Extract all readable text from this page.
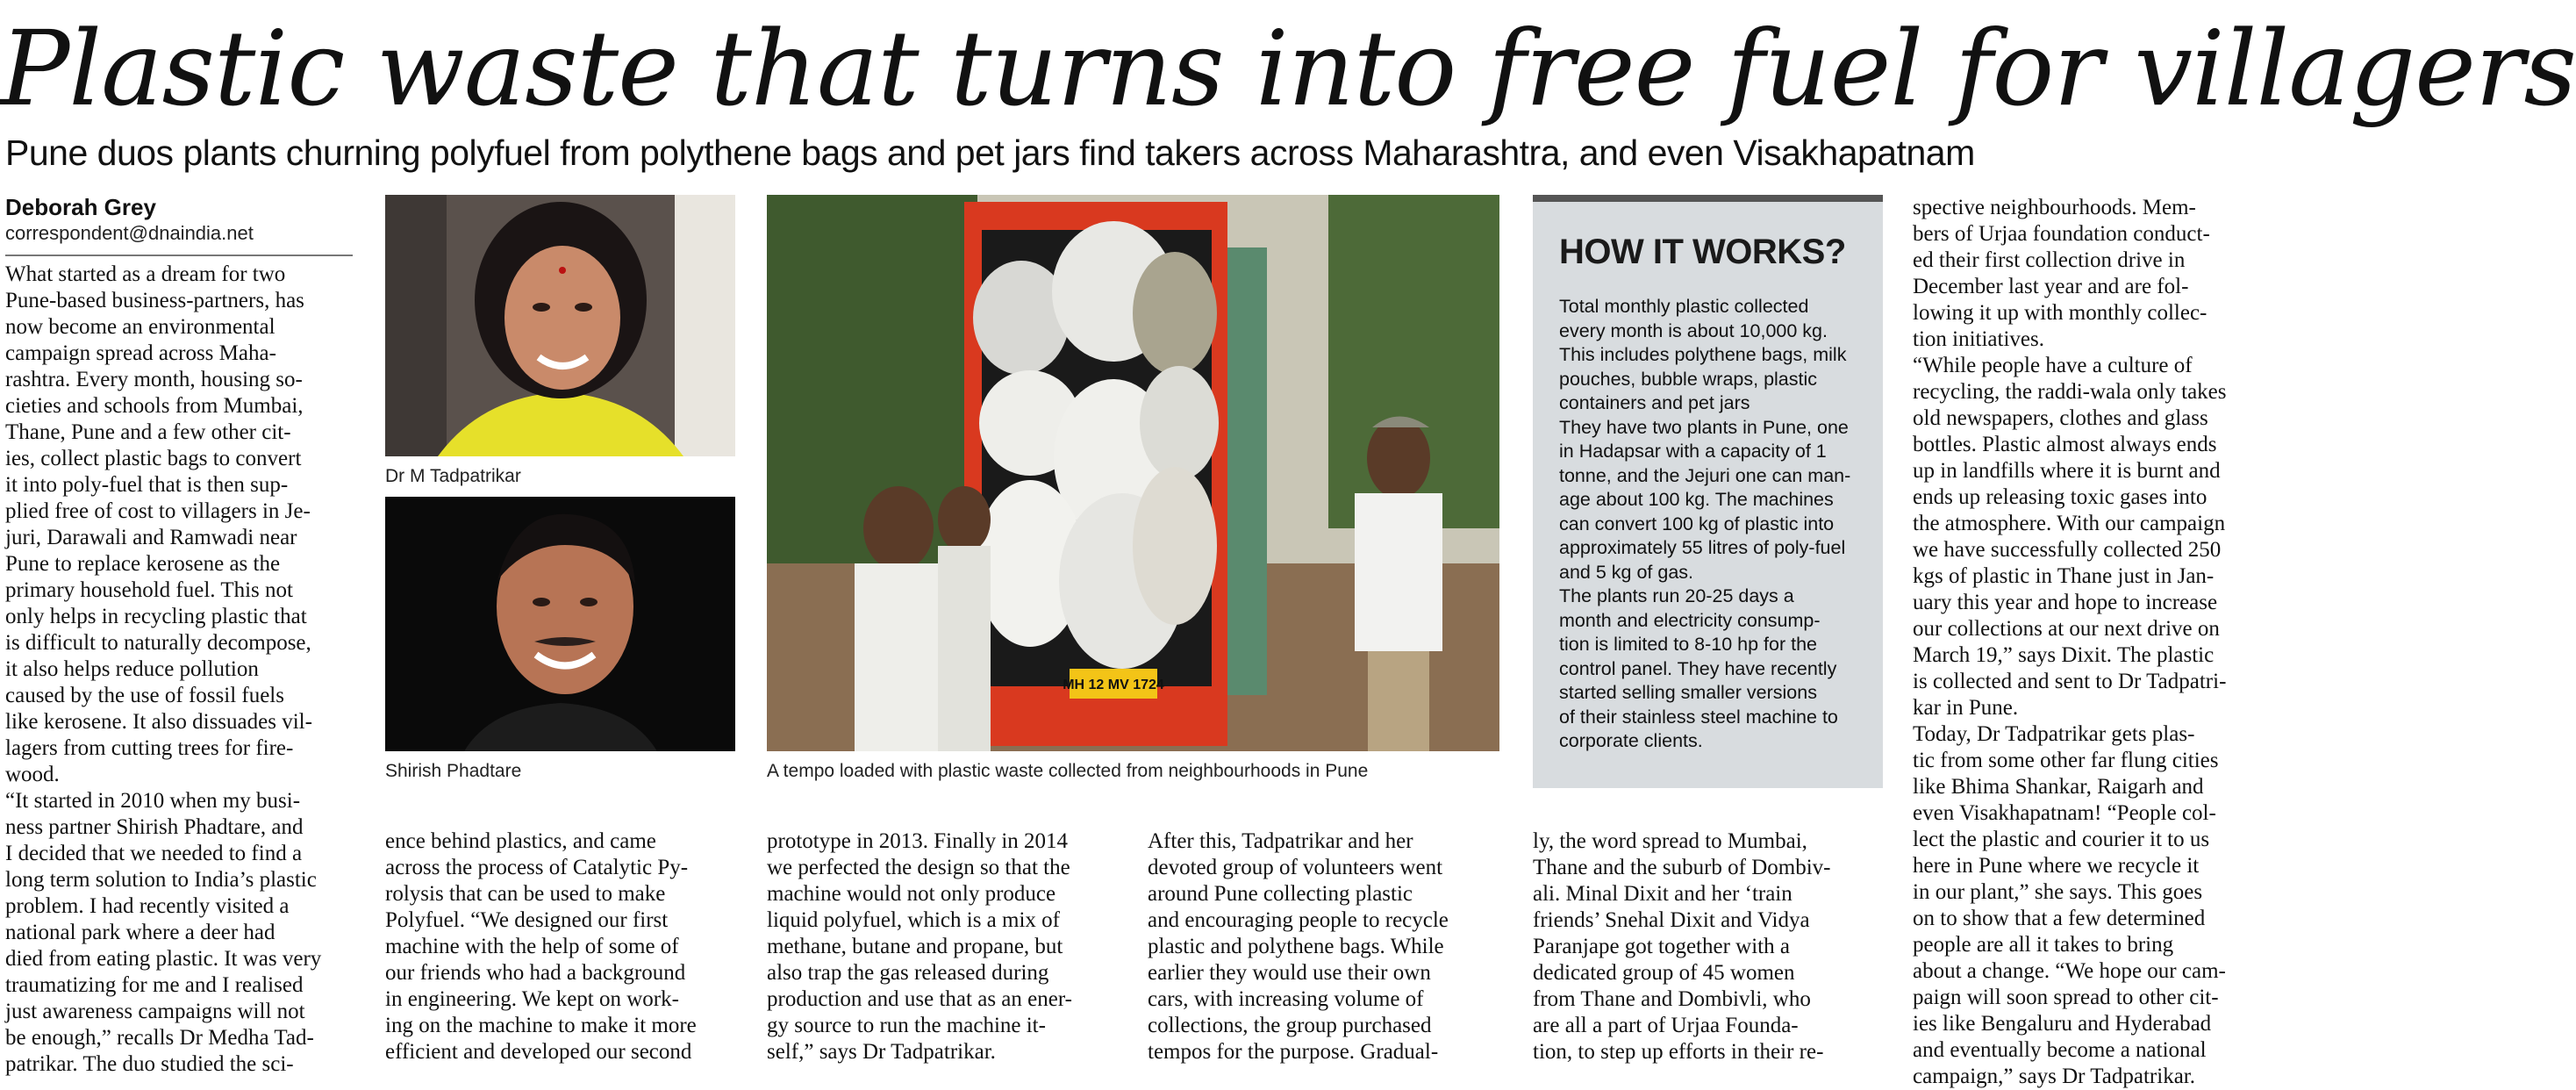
Plastic waste that turns into free fuel for villagers
Pune duos plants churning polyfuel from polythene bags and pet jars find takers across Maharashtra, and even Visakhapatnam
Deborah Grey
correspondent@dnaindia.net
What started as a dream for two
Pune-based business-partners, has
now become an environmental
campaign spread across Maha-
rashtra. Every month, housing so-
cieties and schools from Mumbai,
Thane, Pune and a few other cit-
ies, collect plastic bags to convert
it into poly-fuel that is then sup-
plied free of cost to villagers in Je-
juri, Darawali and Ramwadi near
Pune to replace kerosene as the
primary household fuel. This not
only helps in recycling plastic that
is difficult to naturally decompose,
it also helps reduce pollution
caused by the use of fossil fuels
like kerosene. It also dissuades vil-
lagers from cutting trees for fire-
wood.
“It started in 2010 when my busi-
ness partner Shirish Phadtare, and
I decided that we needed to find a
long term solution to India’s plastic
problem. I had recently visited a
national park where a deer had
died from eating plastic. It was very
traumatizing for me and I realised
just awareness campaigns will not
be enough,” recalls Dr Medha Tad-
patrikar. The duo studied the sci-
Dr M Tadpatrikar
Shirish Phadtare
MH 12 MV 1724
A tempo loaded with plastic waste collected from neighbourhoods in Pune
ence behind plastics, and came
across the process of Catalytic Py-
rolysis that can be used to make
Polyfuel. “We designed our first
machine with the help of some of
our friends who had a background
in engineering. We kept on work-
ing on the machine to make it more
efficient and developed our second
prototype in 2013. Finally in 2014
we perfected the design so that the
machine would not only produce
liquid polyfuel, which is a mix of
methane, butane and propane, but
also trap the gas released during
production and use that as an ener-
gy source to run the machine it-
self,” says Dr Tadpatrikar.
After this, Tadpatrikar and her
devoted group of volunteers went
around Pune collecting plastic
and encouraging people to recycle
plastic and polythene bags. While
earlier they would use their own
cars, with increasing volume of
collections, the group purchased
tempos for the purpose. Gradual-
ly, the word spread to Mumbai,
Thane and the suburb of Dombiv-
ali. Minal Dixit and her ‘train
friends’ Snehal Dixit and Vidya
Paranjape got together with a
dedicated group of 45 women
from Thane and Dombivli, who
are all a part of Urjaa Founda-
tion, to step up efforts in their re-
HOW IT WORKS?
Total monthly plastic collected
every month is about 10,000 kg.
This includes polythene bags, milk
pouches, bubble wraps, plastic
containers and pet jars
They have two plants in Pune, one
in Hadapsar with a capacity of 1
tonne, and the Jejuri one can man-
age about 100 kg. The machines
can convert 100 kg of plastic into
approximately 55 litres of poly-fuel
and 5 kg of gas.
The plants run 20-25 days a
month and electricity consump-
tion is limited to 8-10 hp for the
control panel. They have recently
started selling smaller versions
of their stainless steel machine to
corporate clients.
spective neighbourhoods. Mem-
bers of Urjaa foundation conduct-
ed their first collection drive in
December last year and are fol-
lowing it up with monthly collec-
tion initiatives.
“While people have a culture of
recycling, the raddi-wala only takes
old newspapers, clothes and glass
bottles. Plastic almost always ends
up in landfills where it is burnt and
ends up releasing toxic gases into
the atmosphere. With our campaign
we have successfully collected 250
kgs of plastic in Thane just in Jan-
uary this year and hope to increase
our collections at our next drive on
March 19,” says Dixit. The plastic
is collected and sent to Dr Tadpatri-
kar in Pune.
Today, Dr Tadpatrikar gets plas-
tic from some other far flung cities
like Bhima Shankar, Raigarh and
even Visakhapatnam! “People col-
lect the plastic and courier it to us
here in Pune where we recycle it
in our plant,” she says. This goes
on to show that a few determined
people are all it takes to bring
about a change. “We hope our cam-
paign will soon spread to other cit-
ies like Bengaluru and Hyderabad
and eventually become a national
campaign,” says Dr Tadpatrikar.
